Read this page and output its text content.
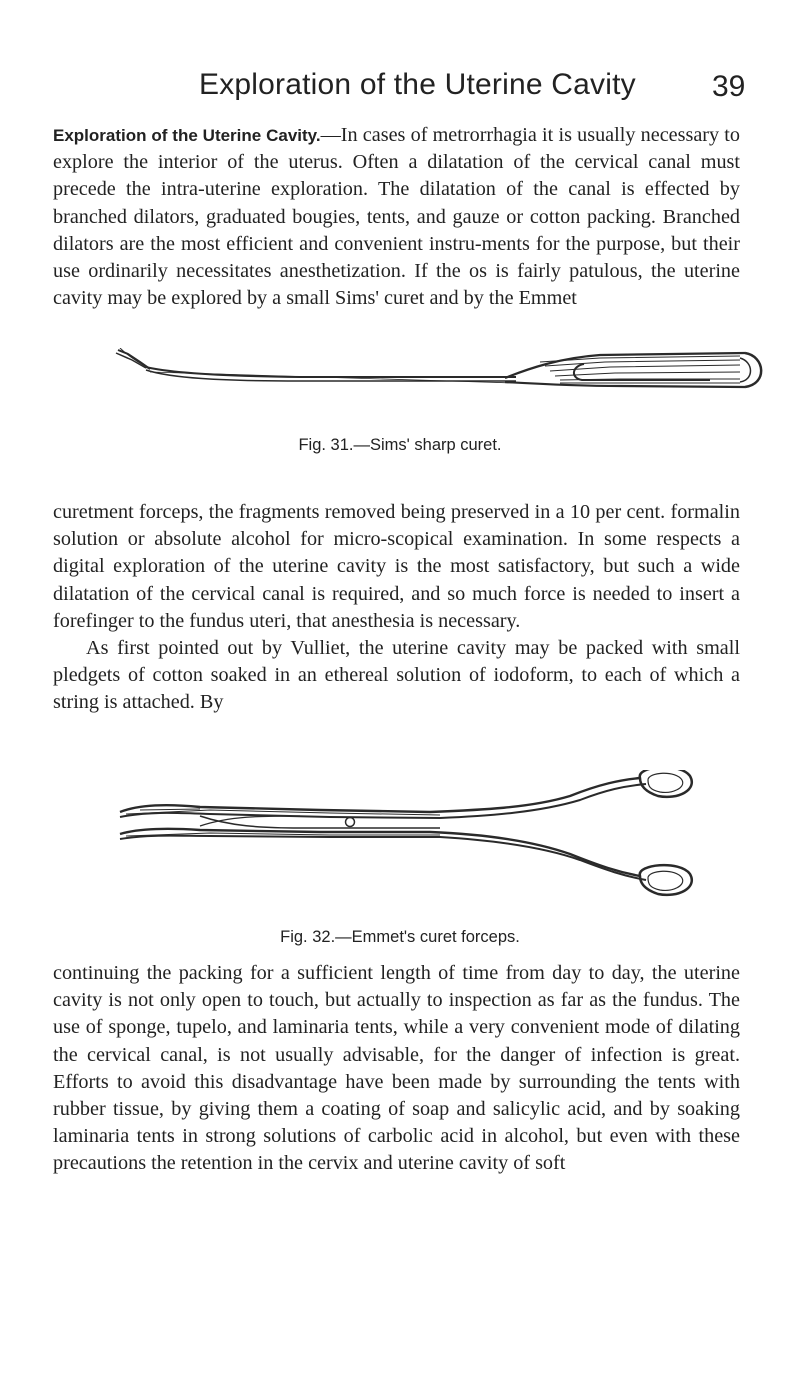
Exploration of the Uterine Cavity	39

Exploration of the Uterine Cavity.—In cases of metrorrhagia it is usually necessary to explore the interior of the uterus. Often a dilatation of the cervical canal must precede the intra-uterine exploration. The dilatation of the canal is effected by branched dilators, graduated bougies, tents, and gauze or cotton packing. Branched dilators are the most efficient and convenient instru-ments for the purpose, but their use ordinarily necessitates anesthetization. If the os is fairly patulous, the uterine cavity may be explored by a small Sims' curet and by the Emmet

Fig. 31.—Sims' sharp curet.

curetment forceps, the fragments removed being preserved in a 10 per cent. formalin solution or absolute alcohol for micro-scopical examination. In some respects a digital exploration of the uterine cavity is the most satisfactory, but such a wide dilatation of the cervical canal is required, and so much force is needed to insert a forefinger to the fundus uteri, that anesthesia is necessary.

As first pointed out by Vulliet, the uterine cavity may be packed with small pledgets of cotton soaked in an ethereal solution of iodoform, to each of which a string is attached. By

Fig. 32.—Emmet's curet forceps.

continuing the packing for a sufficient length of time from day to day, the uterine cavity is not only open to touch, but actually to inspection as far as the fundus. The use of sponge, tupelo, and laminaria tents, while a very convenient mode of dilating the cervical canal, is not usually advisable, for the danger of infection is great. Efforts to avoid this disadvantage have been made by surrounding the tents with rubber tissue, by giving them a coating of soap and salicylic acid, and by soaking laminaria tents in strong solutions of carbolic acid in alcohol, but even with these precautions the retention in the cervix and uterine cavity of soft
